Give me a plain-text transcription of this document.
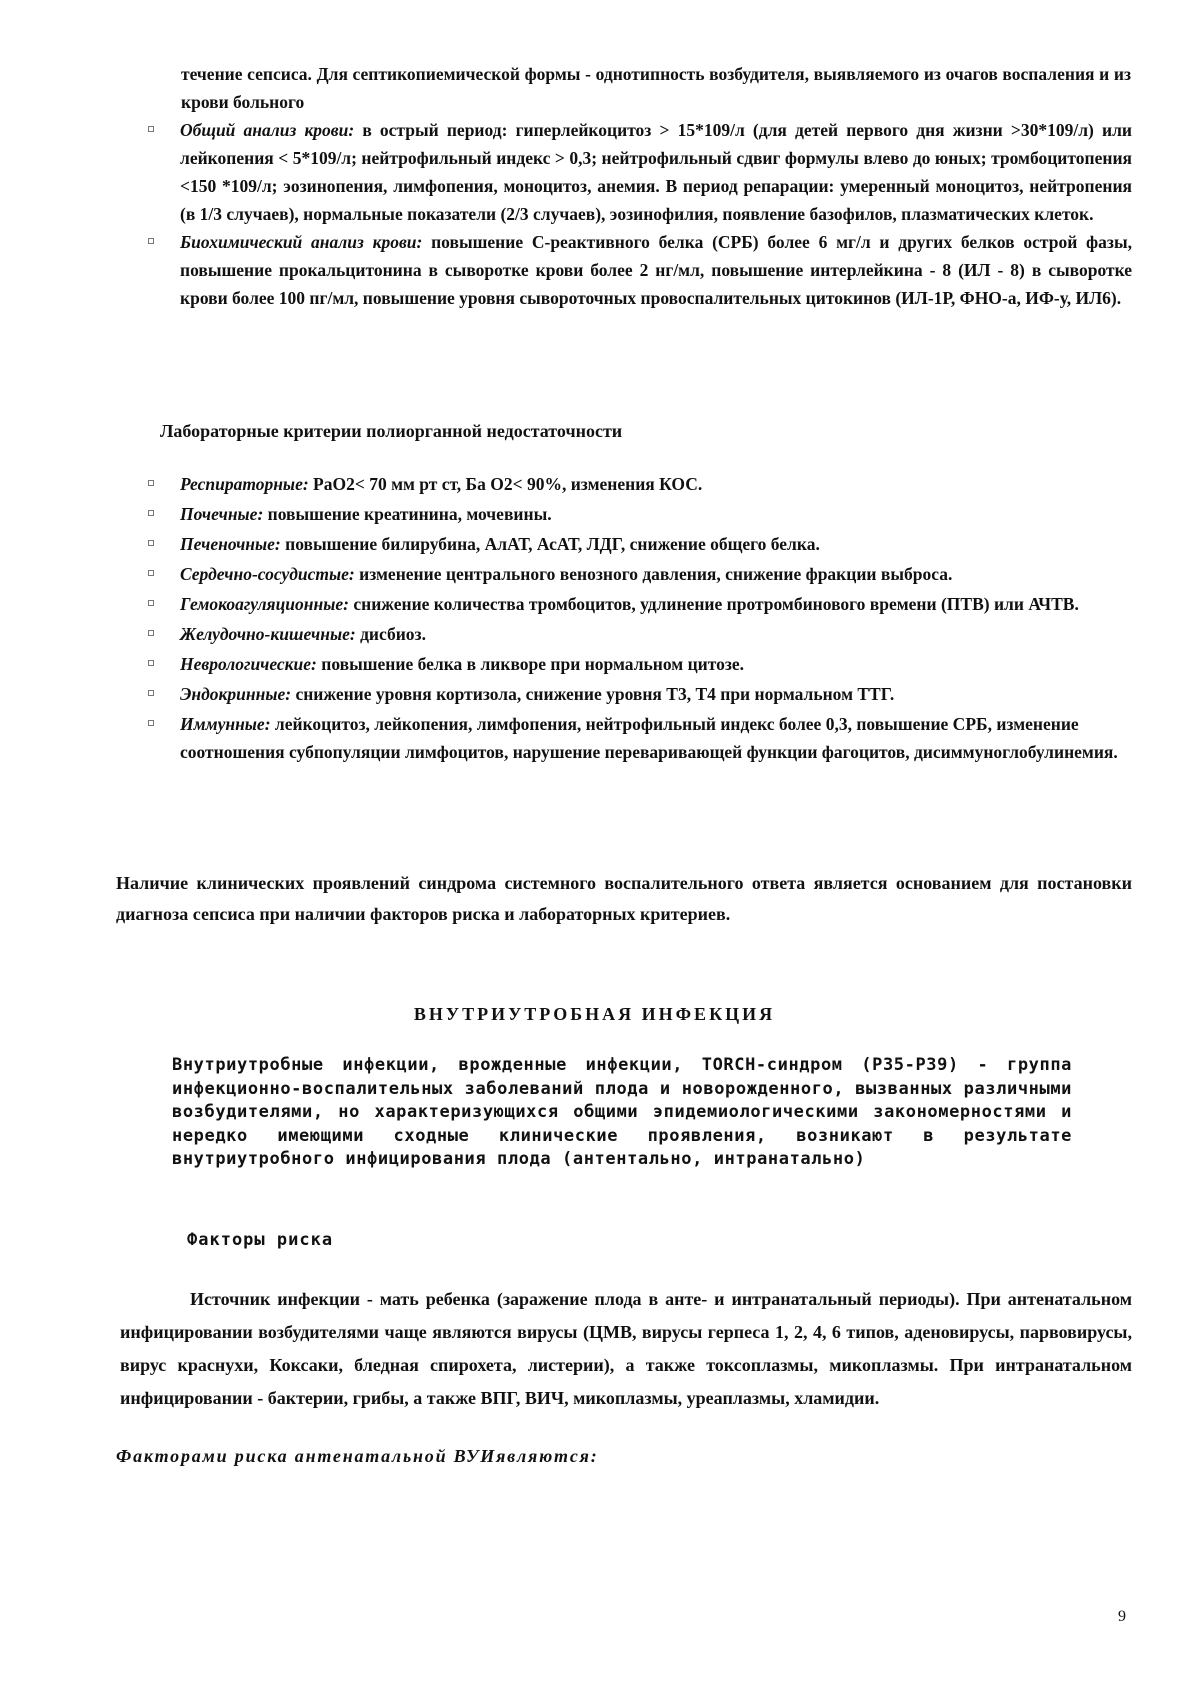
течение сепсиса. Для септикопиемической формы - однотипность возбудителя, выявляемого из очагов воспаления и из крови больного
Общий анализ крови: в острый период: гиперлейкоцитоз > 15*109/л (для детей первого дня жизни >30*109/л) или лейкопения < 5*109/л; нейтрофильный индекс > 0,3; нейтрофильный сдвиг формулы влево до юных; тромбоцитопения <150 *109/л; эозинопения, лимфопения, моноцитоз, анемия. В период репарации: умеренный моноцитоз, нейтропения (в 1/3 случаев), нормальные показатели (2/3 случаев), эозинофилия, появление базофилов, плазматических клеток.
Биохимический анализ крови: повышение С-реактивного белка (СРБ) более 6 мг/л и других белков острой фазы, повышение прокальцитонина в сыворотке крови более 2 нг/мл, повышение интерлейкина - 8 (ИЛ - 8) в сыворотке крови более 100 пг/мл, повышение уровня сывороточных провоспалительных цитокинов (ИЛ-1Р, ФНО-а, ИФ-у, ИЛ6).
Лабораторные критерии полиорганной недостаточности
Респираторные: РаО2< 70 мм рт ст, Ба О2< 90%, изменения КОС.
Почечные: повышение креатинина, мочевины.
Печеночные: повышение билирубина, АлАТ, АсАТ, ЛДГ, снижение общего белка.
Сердечно-сосудистые: изменение центрального венозного давления, снижение фракции выброса.
Гемокоагуляционные: снижение количества тромбоцитов, удлинение протромбинового времени (ПТВ) или АЧТВ.
Желудочно-кишечные: дисбиоз.
Неврологические: повышение белка в ликворе при нормальном цитозе.
Эндокринные: снижение уровня кортизола, снижение уровня Т3, Т4 при нормальном ТТГ.
Иммунные: лейкоцитоз, лейкопения, лимфопения, нейтрофильный индекс более 0,3, повышение СРБ, изменение соотношения субпопуляции лимфоцитов, нарушение переваривающей функции фагоцитов, дисиммуноглобулинемия.
Наличие клинических проявлений синдрома системного воспалительного ответа является основанием для постановки диагноза сепсиса при наличии факторов риска и лабораторных критериев.
ВНУТРИУТРОБНАЯ ИНФЕКЦИЯ
Внутриутробные инфекции, врожденные инфекции, TORCH-синдром (Р35-Р39) - группа инфекционно-воспалительных заболеваний плода и новорожденного, вызванных различными возбудителями, но характеризующихся общими эпидемиологическими закономерностями и нередко имеющими сходные клинические проявления, возникают в результате внутриутробного инфицирования плода (антентально, интранатально)
Факторы риска
Источник инфекции - мать ребенка (заражение плода в анте- и интранатальный периоды). При антенатальном инфицировании возбудителями чаще являются вирусы (ЦМВ, вирусы герпеса 1, 2, 4, 6 типов, аденовирусы, парвовирусы, вирус краснухи, Коксаки, бледная спирохета, листерии), а также токсоплазмы, микоплазмы. При интранатальном инфицировании - бактерии, грибы, а также ВПГ, ВИЧ, микоплазмы, уреаплазмы, хламидии.
Факторами риска антенатальной ВУИявляются:
9
